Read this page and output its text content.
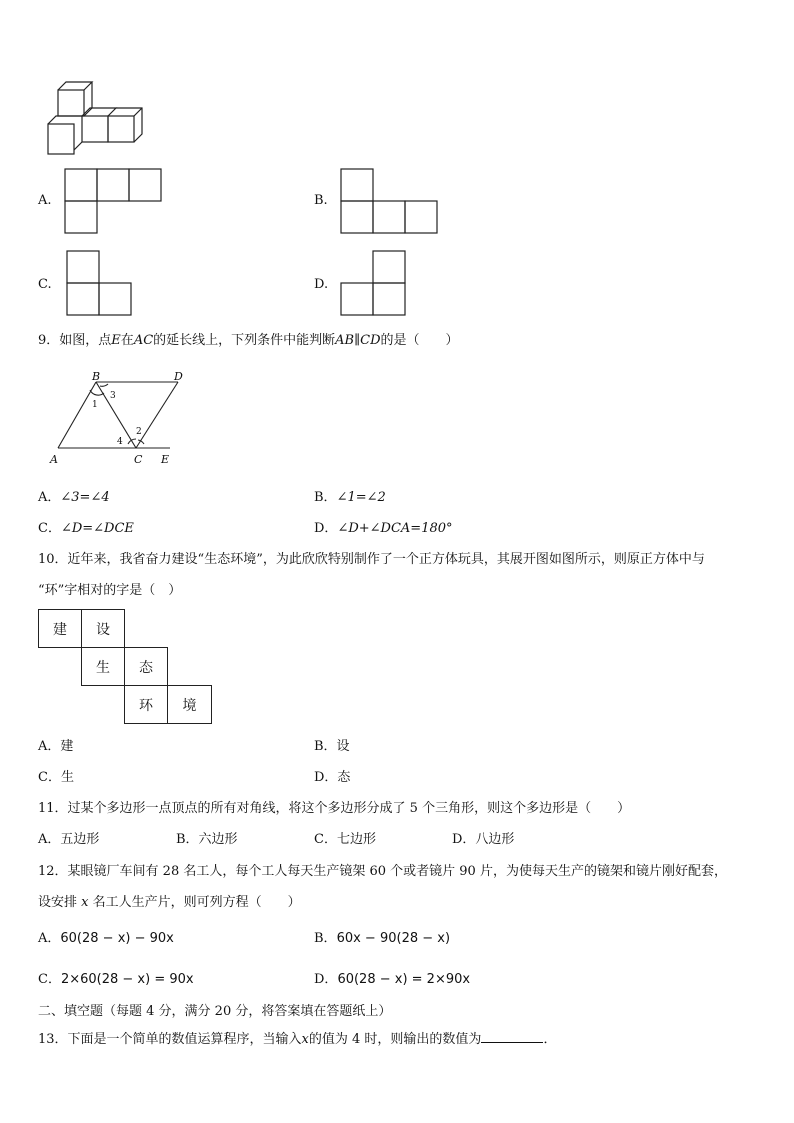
A.	B.
C.	D.
9．如图，点E在AC的延长线上，下列条件中能判断AB∥CD的是（　　）
A
B
C
D
E
1
2
3
4
A．∠3=∠4	B．∠1=∠2
C．∠D=∠DCE	D．∠D+∠DCA=180°
10．近年来，我省奋力建设“生态环境”，为此欣欣特别制作了一个正方体玩具，其展开图如图所示，则原正方体中与
“环”字相对的字是（　）
建	设
生	态
环	境
A．建	B．设
C．生	D．态
11．过某个多边形一点顶点的所有对角线，将这个多边形分成了 5 个三角形，则这个多边形是（　　）
A．五边形	B．六边形	C．七边形	D．八边形
12．某眼镜厂车间有 28 名工人，每个工人每天生产镜架 60 个或者镜片 90 片，为使每天生产的镜架和镜片刚好配套，
设安排 x 名工人生产片，则可列方程（　　）
A．60(28 − x) − 90x	B．60x − 90(28 − x)
C．2×60(28 − x) = 90x	D．60(28 − x) = 2×90x
二、填空题（每题 4 分，满分 20 分，将答案填在答题纸上）
13．下面是一个简单的数值运算程序，当输入x的值为 4 时，则输出的数值为	．
